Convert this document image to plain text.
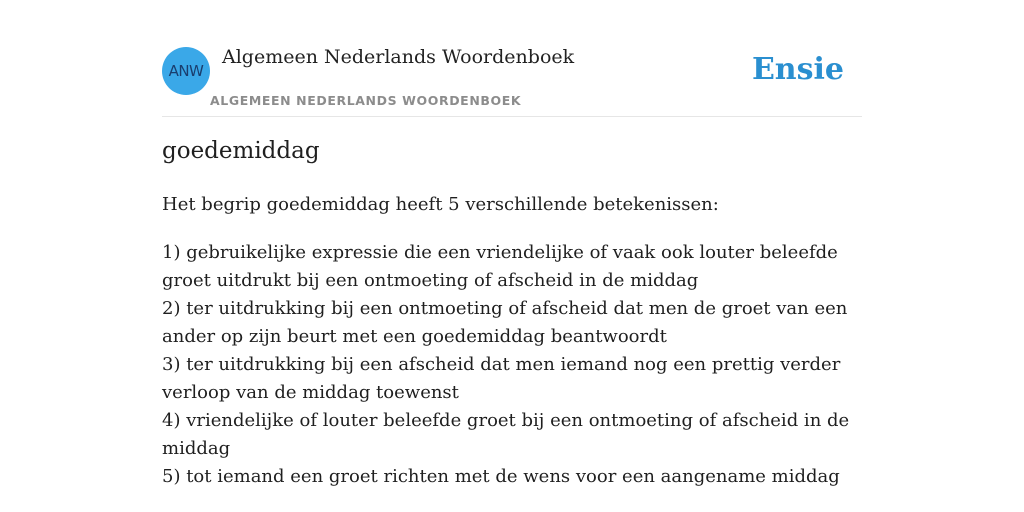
ANW
Algemeen Nederlands Woordenboek
ALGEMEEN NEDERLANDS WOORDENBOEK
Ensie
goedemiddag

Het begrip goedemiddag heeft 5 verschillende betekenissen:

1) gebruikelijke expressie die een vriendelijke of vaak ook louter beleefde groet uitdrukt bij een ontmoeting of afscheid in de middag
2) ter uitdrukking bij een ontmoeting of afscheid dat men de groet van een ander op zijn beurt met een goedemiddag beantwoordt
3) ter uitdrukking bij een afscheid dat men iemand nog een prettig verder verloop van de middag toewenst
4) vriendelijke of louter beleefde groet bij een ontmoeting of afscheid in de middag
5) tot iemand een groet richten met de wens voor een aangename middag
